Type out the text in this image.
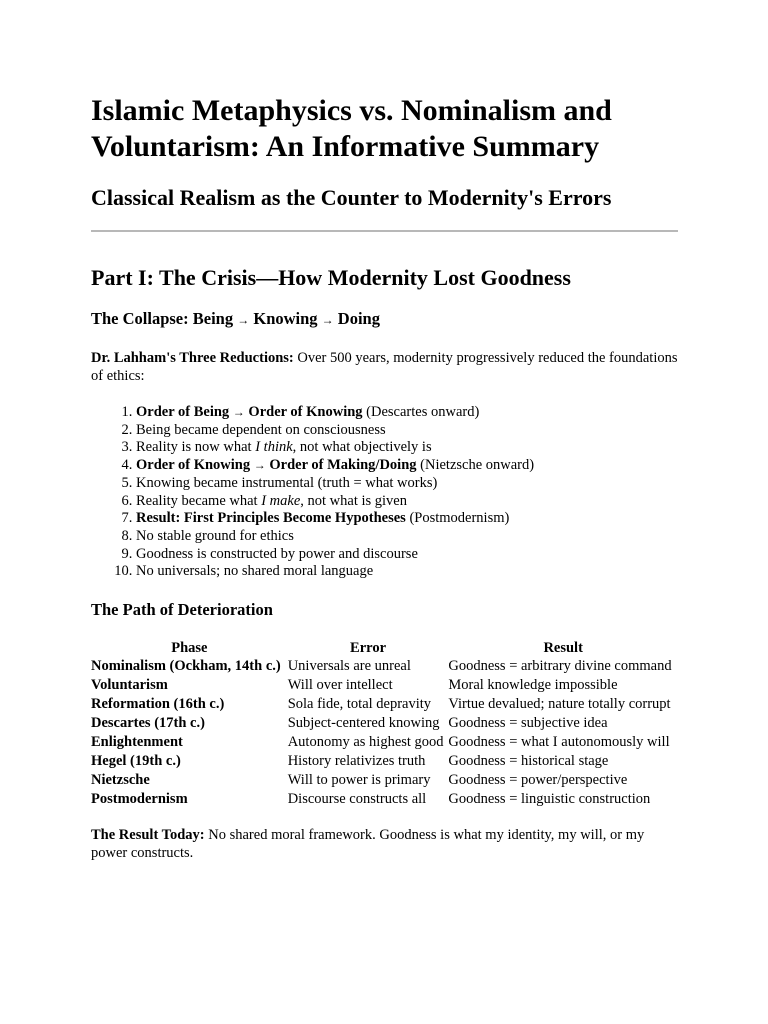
Islamic Metaphysics vs. Nominalism and Voluntarism: An Informative Summary
Classical Realism as the Counter to Modernity's Errors
Part I: The Crisis—How Modernity Lost Goodness
The Collapse: Being → Knowing → Doing

Dr. Lahham's Three Reductions: Over 500 years, modernity progressively reduced the foundations of ethics:

1. Order of Being → Order of Knowing (Descartes onward)
2. Being became dependent on consciousness
3. Reality is now what I think, not what objectively is
4. Order of Knowing → Order of Making/Doing (Nietzsche onward)
5. Knowing became instrumental (truth = what works)
6. Reality became what I make, not what is given
7. Result: First Principles Become Hypotheses (Postmodernism)
8. No stable ground for ethics
9. Goodness is constructed by power and discourse
10. No universals; no shared moral language
The Path of Deterioration
Phase	Error	Result
Nominalism (Ockham, 14th c.)	Universals are unreal	Goodness = arbitrary divine command
Voluntarism	Will over intellect	Moral knowledge impossible
Reformation (16th c.)	Sola fide, total depravity	Virtue devalued; nature totally corrupt
Descartes (17th c.)	Subject-centered knowing	Goodness = subjective idea
Enlightenment	Autonomy as highest good	Goodness = what I autonomously will
Hegel (19th c.)	History relativizes truth	Goodness = historical stage
Nietzsche	Will to power is primary	Goodness = power/perspective
Postmodernism	Discourse constructs all	Goodness = linguistic construction

The Result Today: No shared moral framework. Goodness is what my identity, my will, or my power constructs.
